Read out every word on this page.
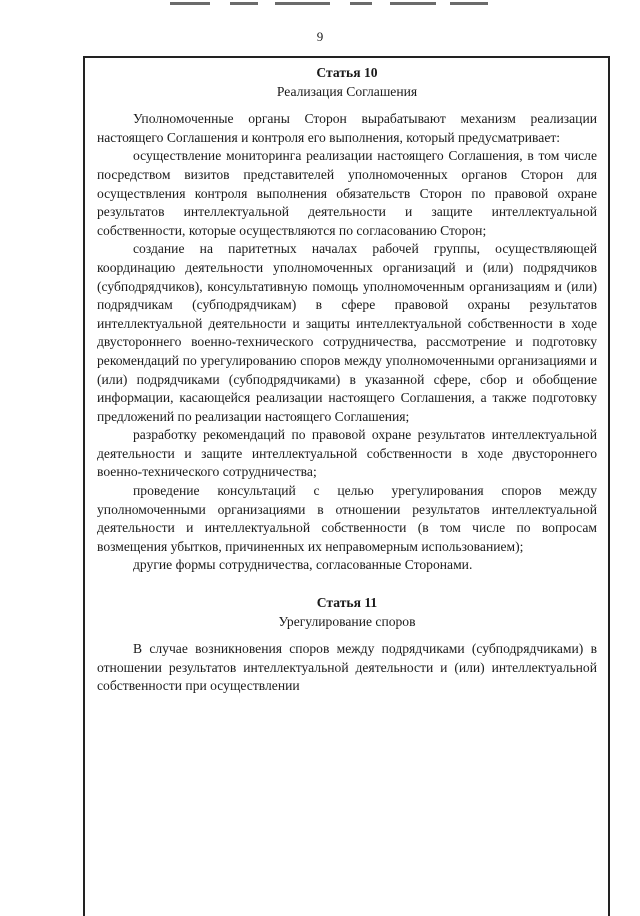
9

Статья 10

Реализация Соглашения

Уполномоченные органы Сторон вырабатывают механизм реализации настоящего Соглашения и контроля его выполнения, который предусматривает:

осуществление мониторинга реализации настоящего Соглашения, в том числе посредством визитов представителей уполномоченных органов Сторон для осуществления контроля выполнения обязательств Сторон по правовой охране результатов интеллектуальной деятельности и защите интеллектуальной собственности, которые осуществляются по согласованию Сторон;

создание на паритетных началах рабочей группы, осуществляющей координацию деятельности уполномоченных организаций и (или) подрядчиков (субподрядчиков), консультативную помощь уполномоченным организациям и (или) подрядчикам (субподрядчикам) в сфере правовой охраны результатов интеллектуальной деятельности и защиты интеллектуальной собственности в ходе двустороннего военно-технического сотрудничества, рассмотрение и подготовку рекомендаций по урегулированию споров между уполномоченными организациями и (или) подрядчиками (субподрядчиками) в указанной сфере, сбор и обобщение информации, касающейся реализации настоящего Соглашения, а также подготовку предложений по реализации настоящего Соглашения;

разработку рекомендаций по правовой охране результатов интеллектуальной деятельности и защите интеллектуальной собственности в ходе двустороннего военно-технического сотрудничества;

проведение консультаций с целью урегулирования споров между уполномоченными организациями в отношении результатов интеллектуальной деятельности и интеллектуальной собственности (в том числе по вопросам возмещения убытков, причиненных их неправомерным использованием);

другие формы сотрудничества, согласованные Сторонами.

Статья 11

Урегулирование споров

В случае возникновения споров между подрядчиками (субподрядчиками) в отношении результатов интеллектуальной деятельности и (или) интеллектуальной собственности при осуществлении
